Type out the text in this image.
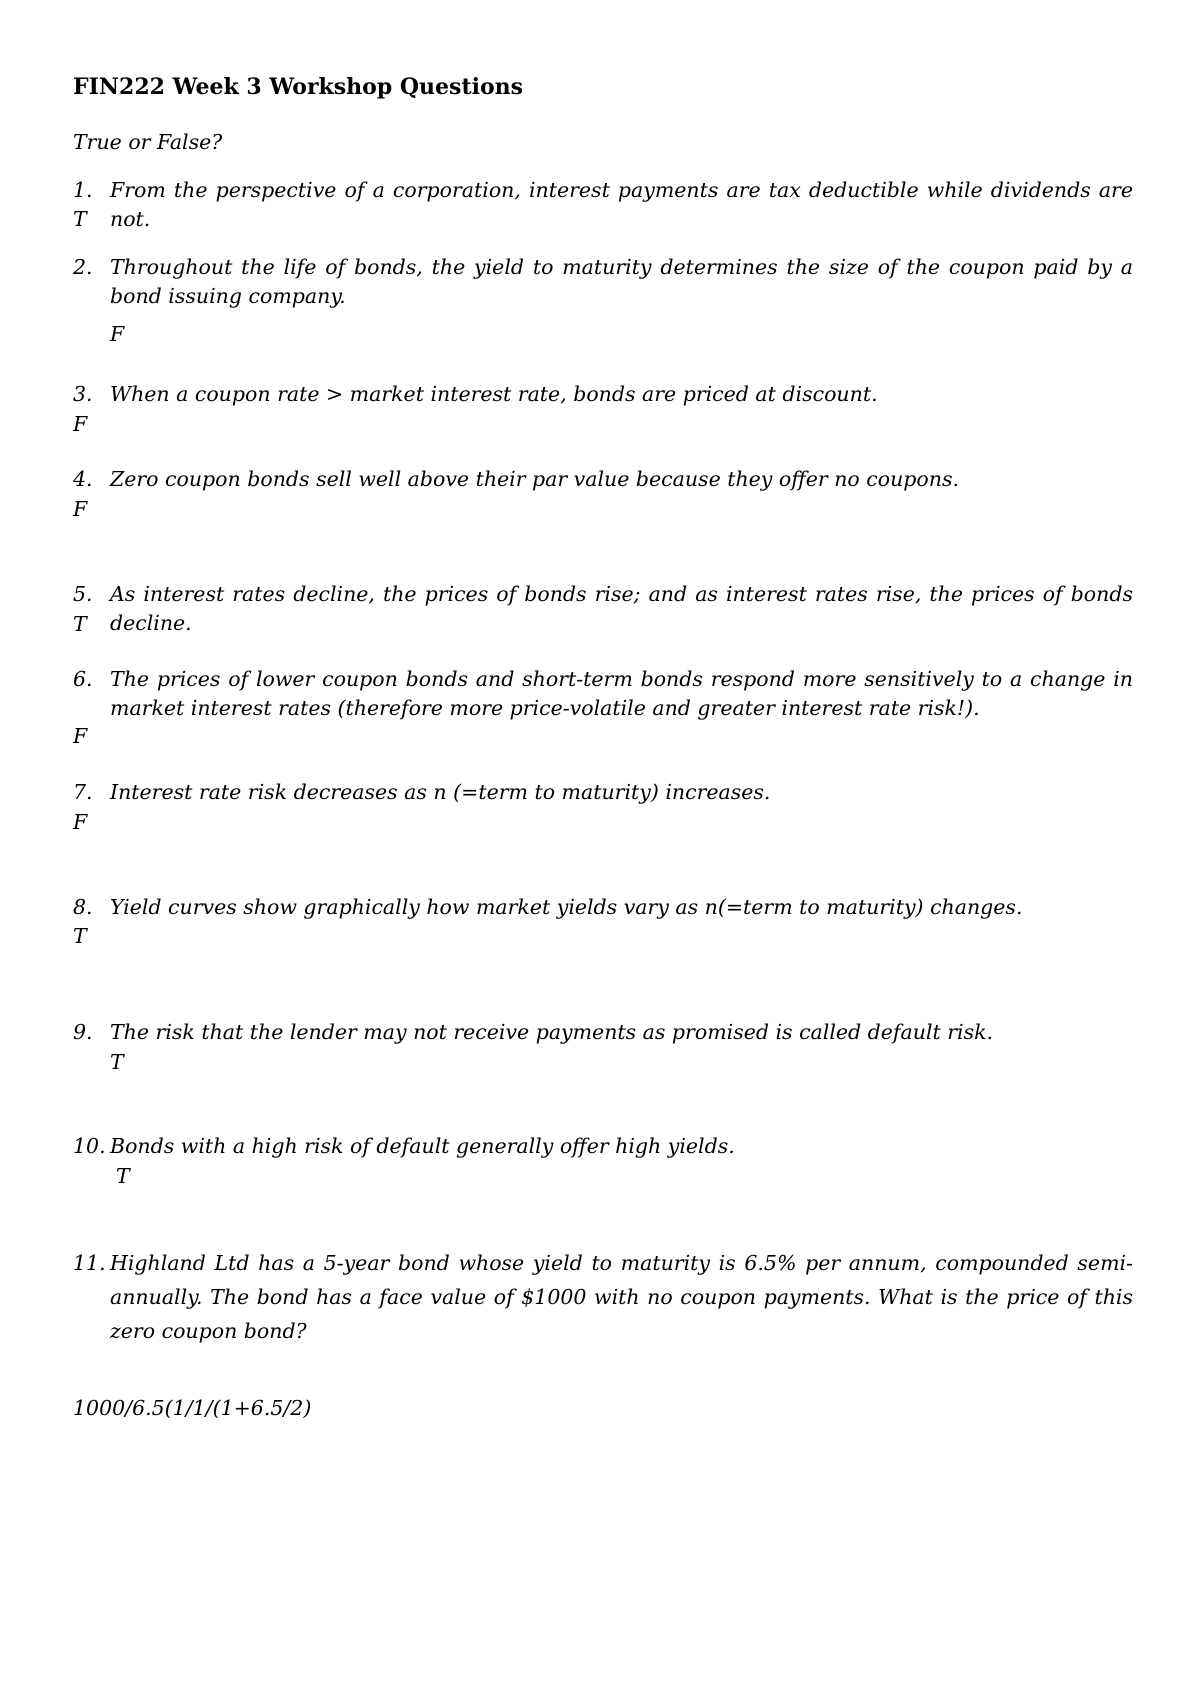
FIN222 Week 3 Workshop Questions
True or False?
1. From the perspective of a corporation, interest payments are tax deductible while dividends are not.
T
2. Throughout the life of bonds, the yield to maturity determines the size of the coupon paid by a bond issuing company.
F
3. When a coupon rate > market interest rate, bonds are priced at discount.
F
4. Zero coupon bonds sell well above their par value because they offer no coupons.
F
5. As interest rates decline, the prices of bonds rise; and as interest rates rise, the prices of bonds decline.
T
6. The prices of lower coupon bonds and short-term bonds respond more sensitively to a change in market interest rates (therefore more price-volatile and greater interest rate risk!).
F
7. Interest rate risk decreases as n (=term to maturity) increases.
F
8. Yield curves show graphically how market yields vary as n(=term to maturity) changes.
T
9. The risk that the lender may not receive payments as promised is called default risk.
T
10. Bonds with a high risk of default generally offer high yields.
T
11. Highland Ltd has a 5-year bond whose yield to maturity is 6.5% per annum, compounded semi-annually. The bond has a face value of $1000 with no coupon payments. What is the price of this zero coupon bond?
1000/6.5(1/1/(1+6.5/2)
